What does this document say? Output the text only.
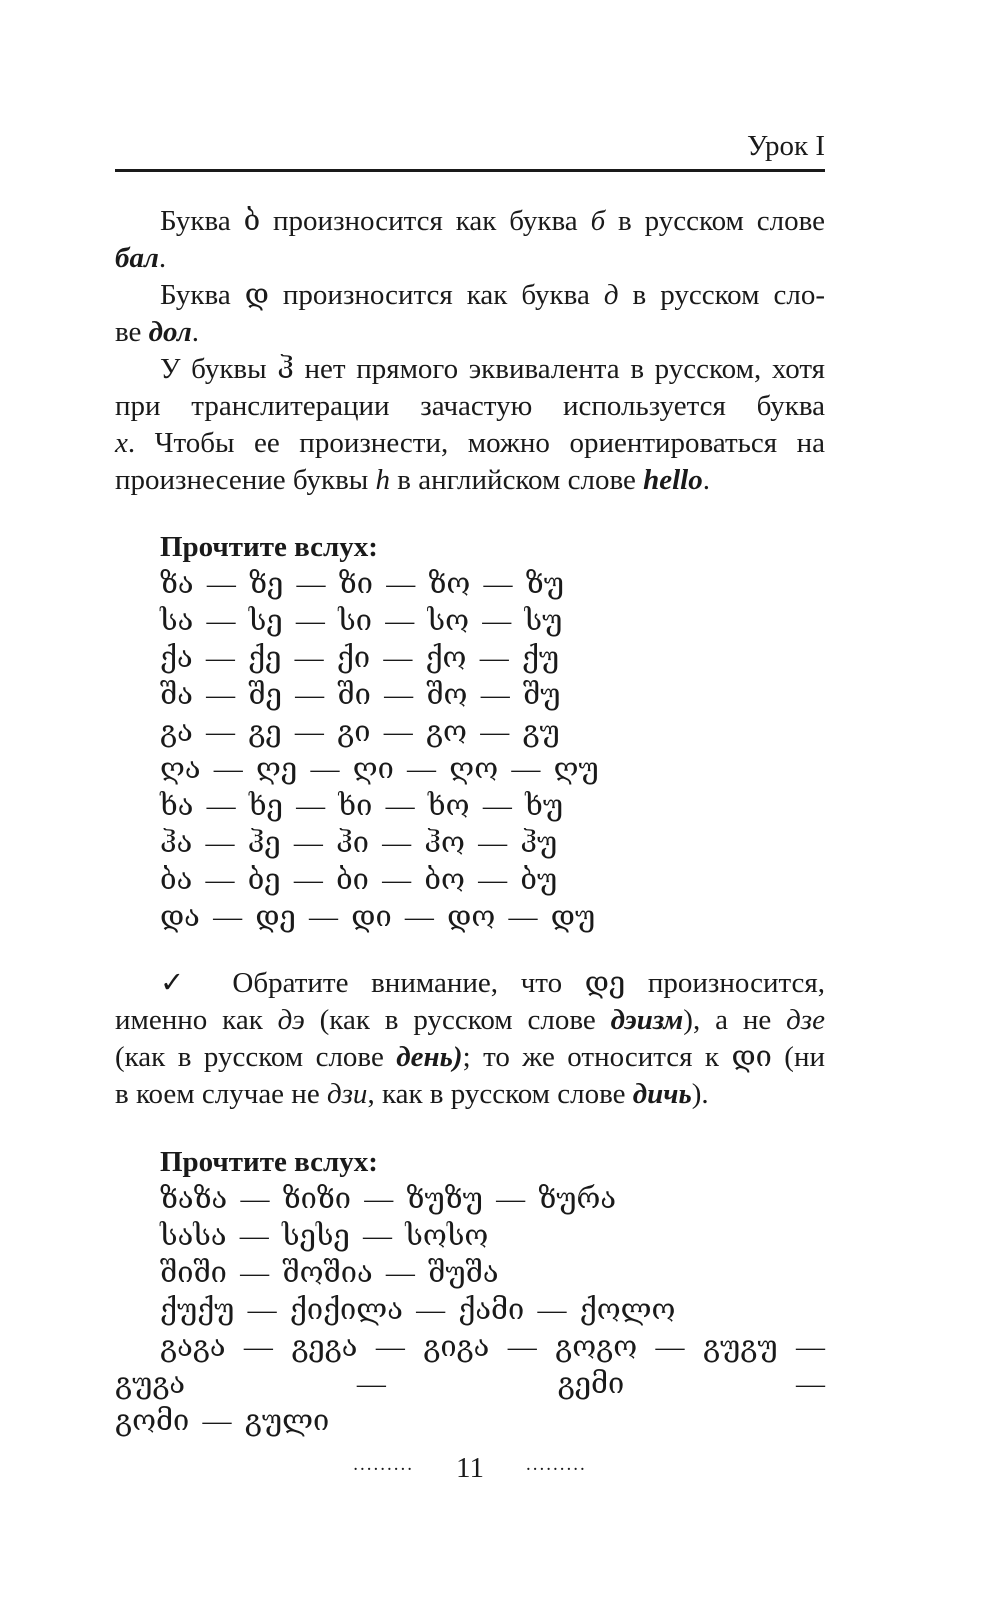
Урок I
Буква ბ произносится как буква б в русском слове
бал.
Буква დ произносится как буква д в русском сло-
ве дол.
У буквы ჰ нет прямого эквивалента в русском, хотя
при транслитерации зачастую используется буква
х. Чтобы ее произнести, можно ориентироваться на
произнесение буквы h в английском слове hello.
Прочтите вслух:
ზა — ზე — ზი — ზო — ზუ
სა — სე — სი — სო — სუ
ქა — ქე — ქი — ქო — ქუ
შა — შე — ში — შო — შუ
გა — გე — გი — გო — გუ
ღა — ღე — ღი — ღო — ღუ
ხა — ხე — ხი — ხო — ხუ
ჰა — ჰე — ჰი — ჰო — ჰუ
ბა — ბე — ბი — ბო — ბუ
და — დე — დი — დო — დუ
✓ Обратите внимание, что დე произносится,
именно как дэ (как в русском слове дэизм), а не дзе
(как в русском слове день); то же относится к დი (ни
в коем случае не дзи, как в русском слове дичь).
Прочтите вслух:
ზაზა — ზიზი — ზუზუ — ზურა
სასა — სესე — სოსო
შიში — შოშია — შუშა
ქუქუ — ქიქილა — ქამი — ქოლო
გაგა — გეგა — გიგა — გოგო — გუგუ — გუგა — გემი —
გომი — გული
......... 11 .........
